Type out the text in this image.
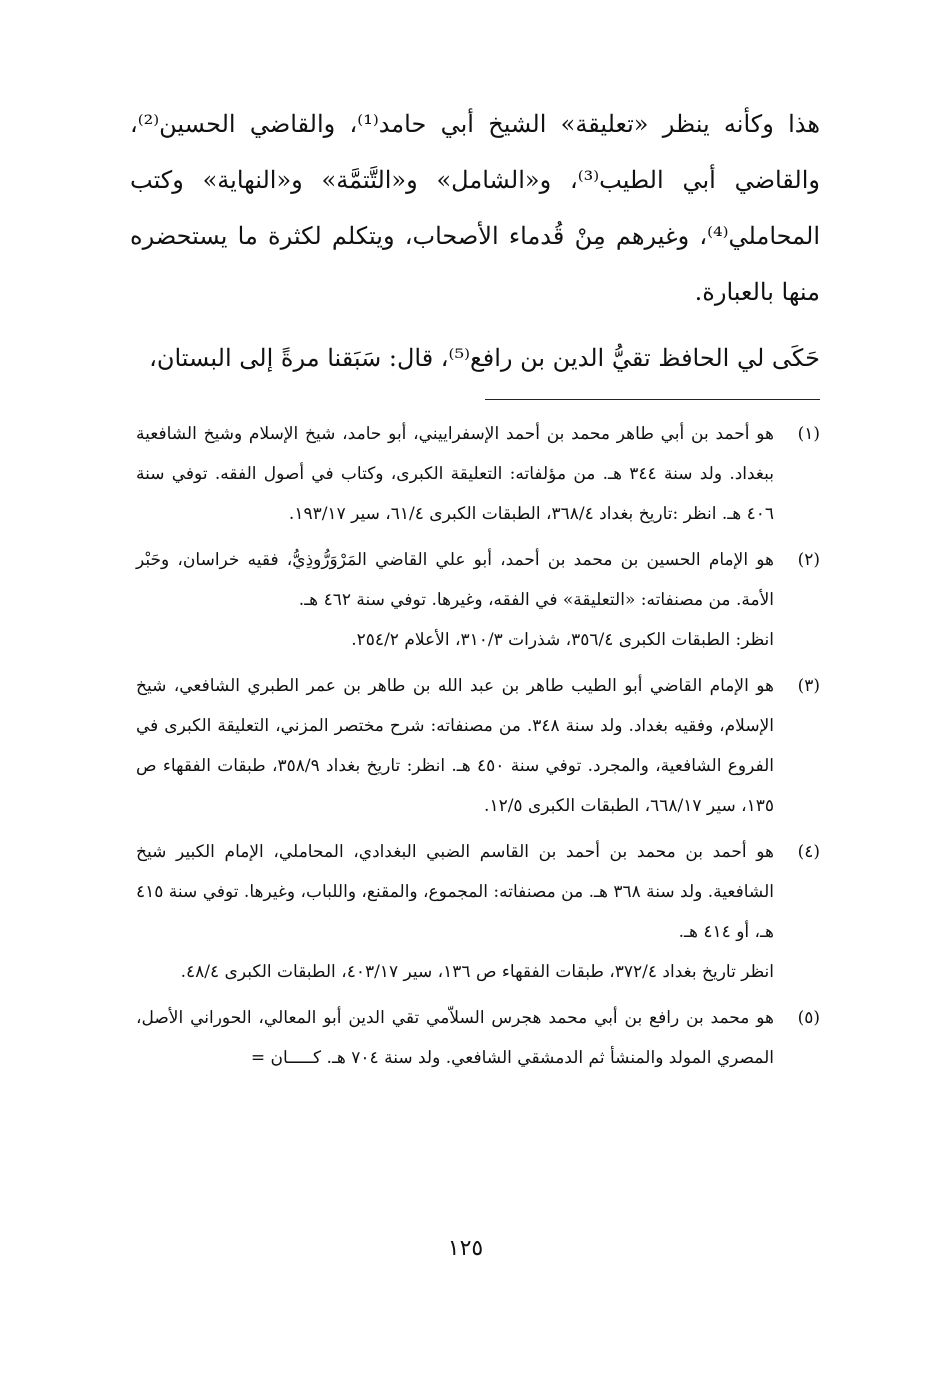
هذا وكأنه ينظر «تعليقة» الشيخ أبي حامد⁽¹⁾، والقاضي الحسين⁽²⁾، والقاضي أبي الطيب⁽³⁾، و«الشامل» و«التَّتمَّة» و«النهاية» وكتب المحاملي⁽⁴⁾، وغيرهم مِنْ قُدماء الأصحاب، ويتكلم لكثرة ما يستحضره منها بالعبارة.

حَكَى لي الحافظ تقيُّ الدين بن رافع⁽⁵⁾، قال: سَبَقنا مرةً إلى البستان،

(١)

هو أحمد بن أبي طاهر محمد بن أحمد الإسفراييني، أبو حامد، شيخ الإسلام وشيخ الشافعية ببغداد. ولد سنة ٣٤٤ هـ. من مؤلفاته: التعليقة الكبرى، وكتاب في أصول الفقه. توفي سنة ٤٠٦ هـ. انظر :تاريخ بغداد ٣٦٨/٤، الطبقات الكبرى ٦١/٤، سير ١٩٣/١٧.

(٢)

هو الإمام الحسين بن محمد بن أحمد، أبو علي القاضي المَرْوَرُّوذِيُّ، فقيه خراسان، وحَبْر الأمة. من مصنفاته: «التعليقة» في الفقه، وغيرها. توفي سنة ٤٦٢ هـ.

انظر: الطبقات الكبرى ٣٥٦/٤، شذرات ٣١٠/٣، الأعلام ٢٥٤/٢.

(٣)

هو الإمام القاضي أبو الطيب طاهر بن عبد الله بن طاهر بن عمر الطبري الشافعي، شيخ الإسلام، وفقيه بغداد. ولد سنة ٣٤٨. من مصنفاته: شرح مختصر المزني، التعليقة الكبرى في الفروع الشافعية، والمجرد. توفي سنة ٤٥٠ هـ. انظر: تاريخ بغداد ٣٥٨/٩، طبقات الفقهاء ص ١٣٥، سير ٦٦٨/١٧، الطبقات الكبرى ١٢/٥.

(٤)

هو أحمد بن محمد بن أحمد بن القاسم الضبي البغدادي، المحاملي، الإمام الكبير شيخ الشافعية. ولد سنة ٣٦٨ هـ. من مصنفاته: المجموع، والمقنع، واللباب، وغيرها. توفي سنة ٤١٥ هـ، أو ٤١٤ هـ.

انظر تاريخ بغداد ٣٧٢/٤، طبقات الفقهاء ص ١٣٦، سير ٤٠٣/١٧، الطبقات الكبرى ٤٨/٤.

(٥)

هو محمد بن رافع بن أبي محمد هجرس السلاّمي تقي الدين أبو المعالي، الحوراني الأصل، المصري المولد والمنشأ ثم الدمشقي الشافعي. ولد سنة ٧٠٤ هـ. كـــــان =

١٢٥
